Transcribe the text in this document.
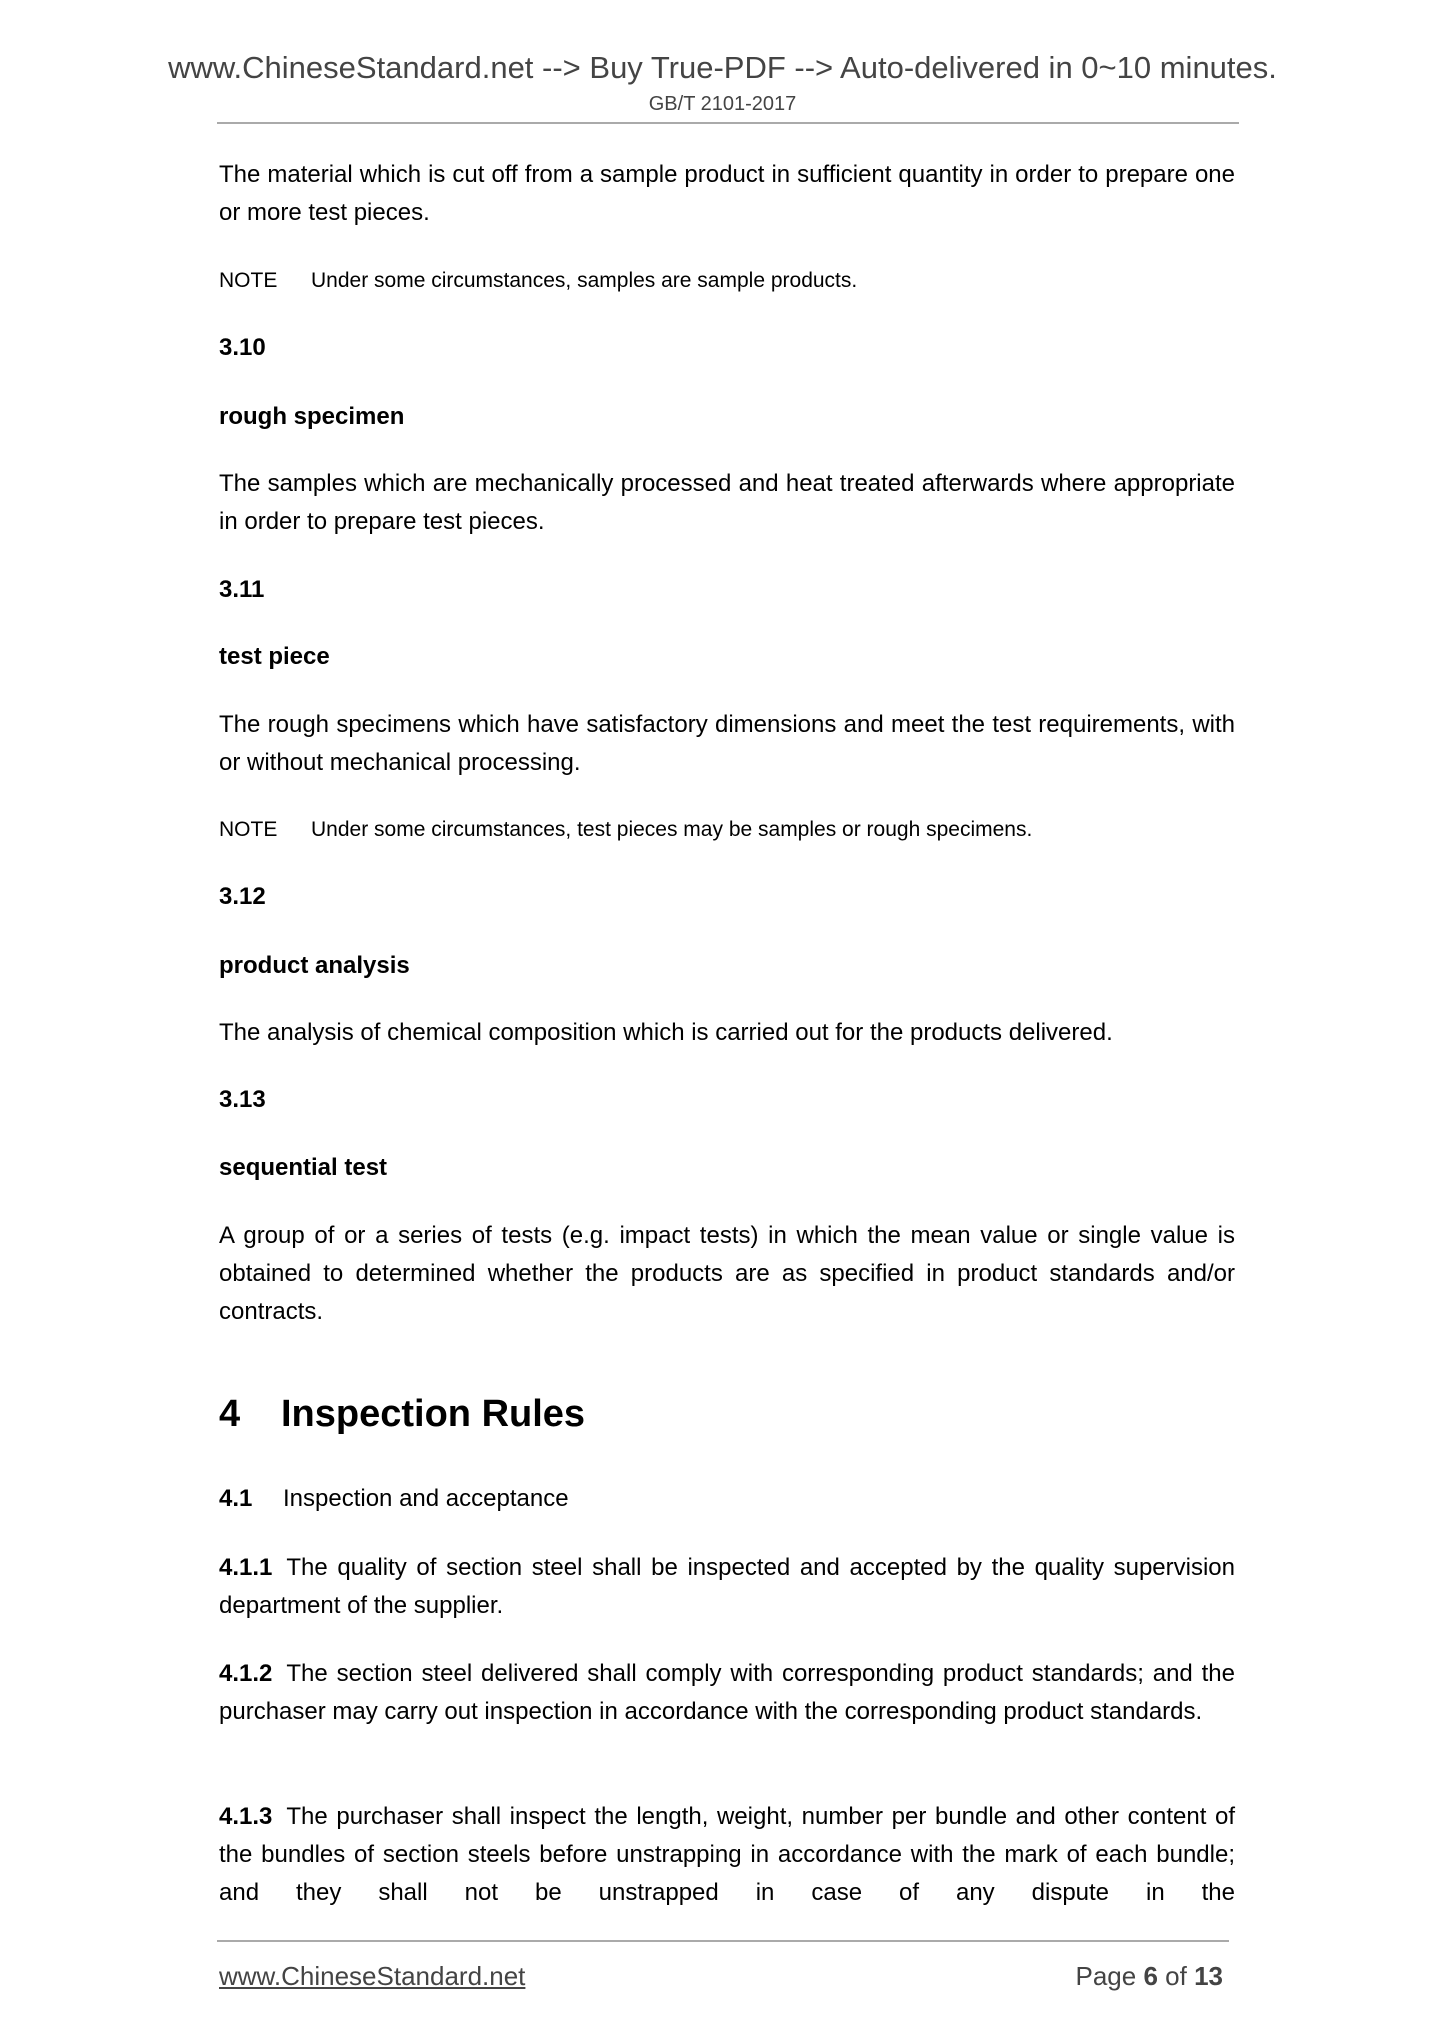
www.ChineseStandard.net --> Buy True-PDF --> Auto-delivered in 0~10 minutes.
GB/T 2101-2017
The material which is cut off from a sample product in sufficient quantity in order to prepare one or more test pieces.
NOTE Under some circumstances, samples are sample products.
3.10
rough specimen
The samples which are mechanically processed and heat treated afterwards where appropriate in order to prepare test pieces.
3.11
test piece
The rough specimens which have satisfactory dimensions and meet the test requirements, with or without mechanical processing.
NOTE Under some circumstances, test pieces may be samples or rough specimens.
3.12
product analysis
The analysis of chemical composition which is carried out for the products delivered.
3.13
sequential test
A group of or a series of tests (e.g. impact tests) in which the mean value or single value is obtained to determined whether the products are as specified in product standards and/or contracts.
4 Inspection Rules
4.1 Inspection and acceptance
4.1.1 The quality of section steel shall be inspected and accepted by the quality supervision department of the supplier.
4.1.2 The section steel delivered shall comply with corresponding product standards; and the purchaser may carry out inspection in accordance with the corresponding product standards.
4.1.3 The purchaser shall inspect the length, weight, number per bundle and other content of the bundles of section steels before unstrapping in accordance with the mark of each bundle; and they shall not be unstrapped in case of any dispute in the
www.ChineseStandard.net	Page 6 of 13
